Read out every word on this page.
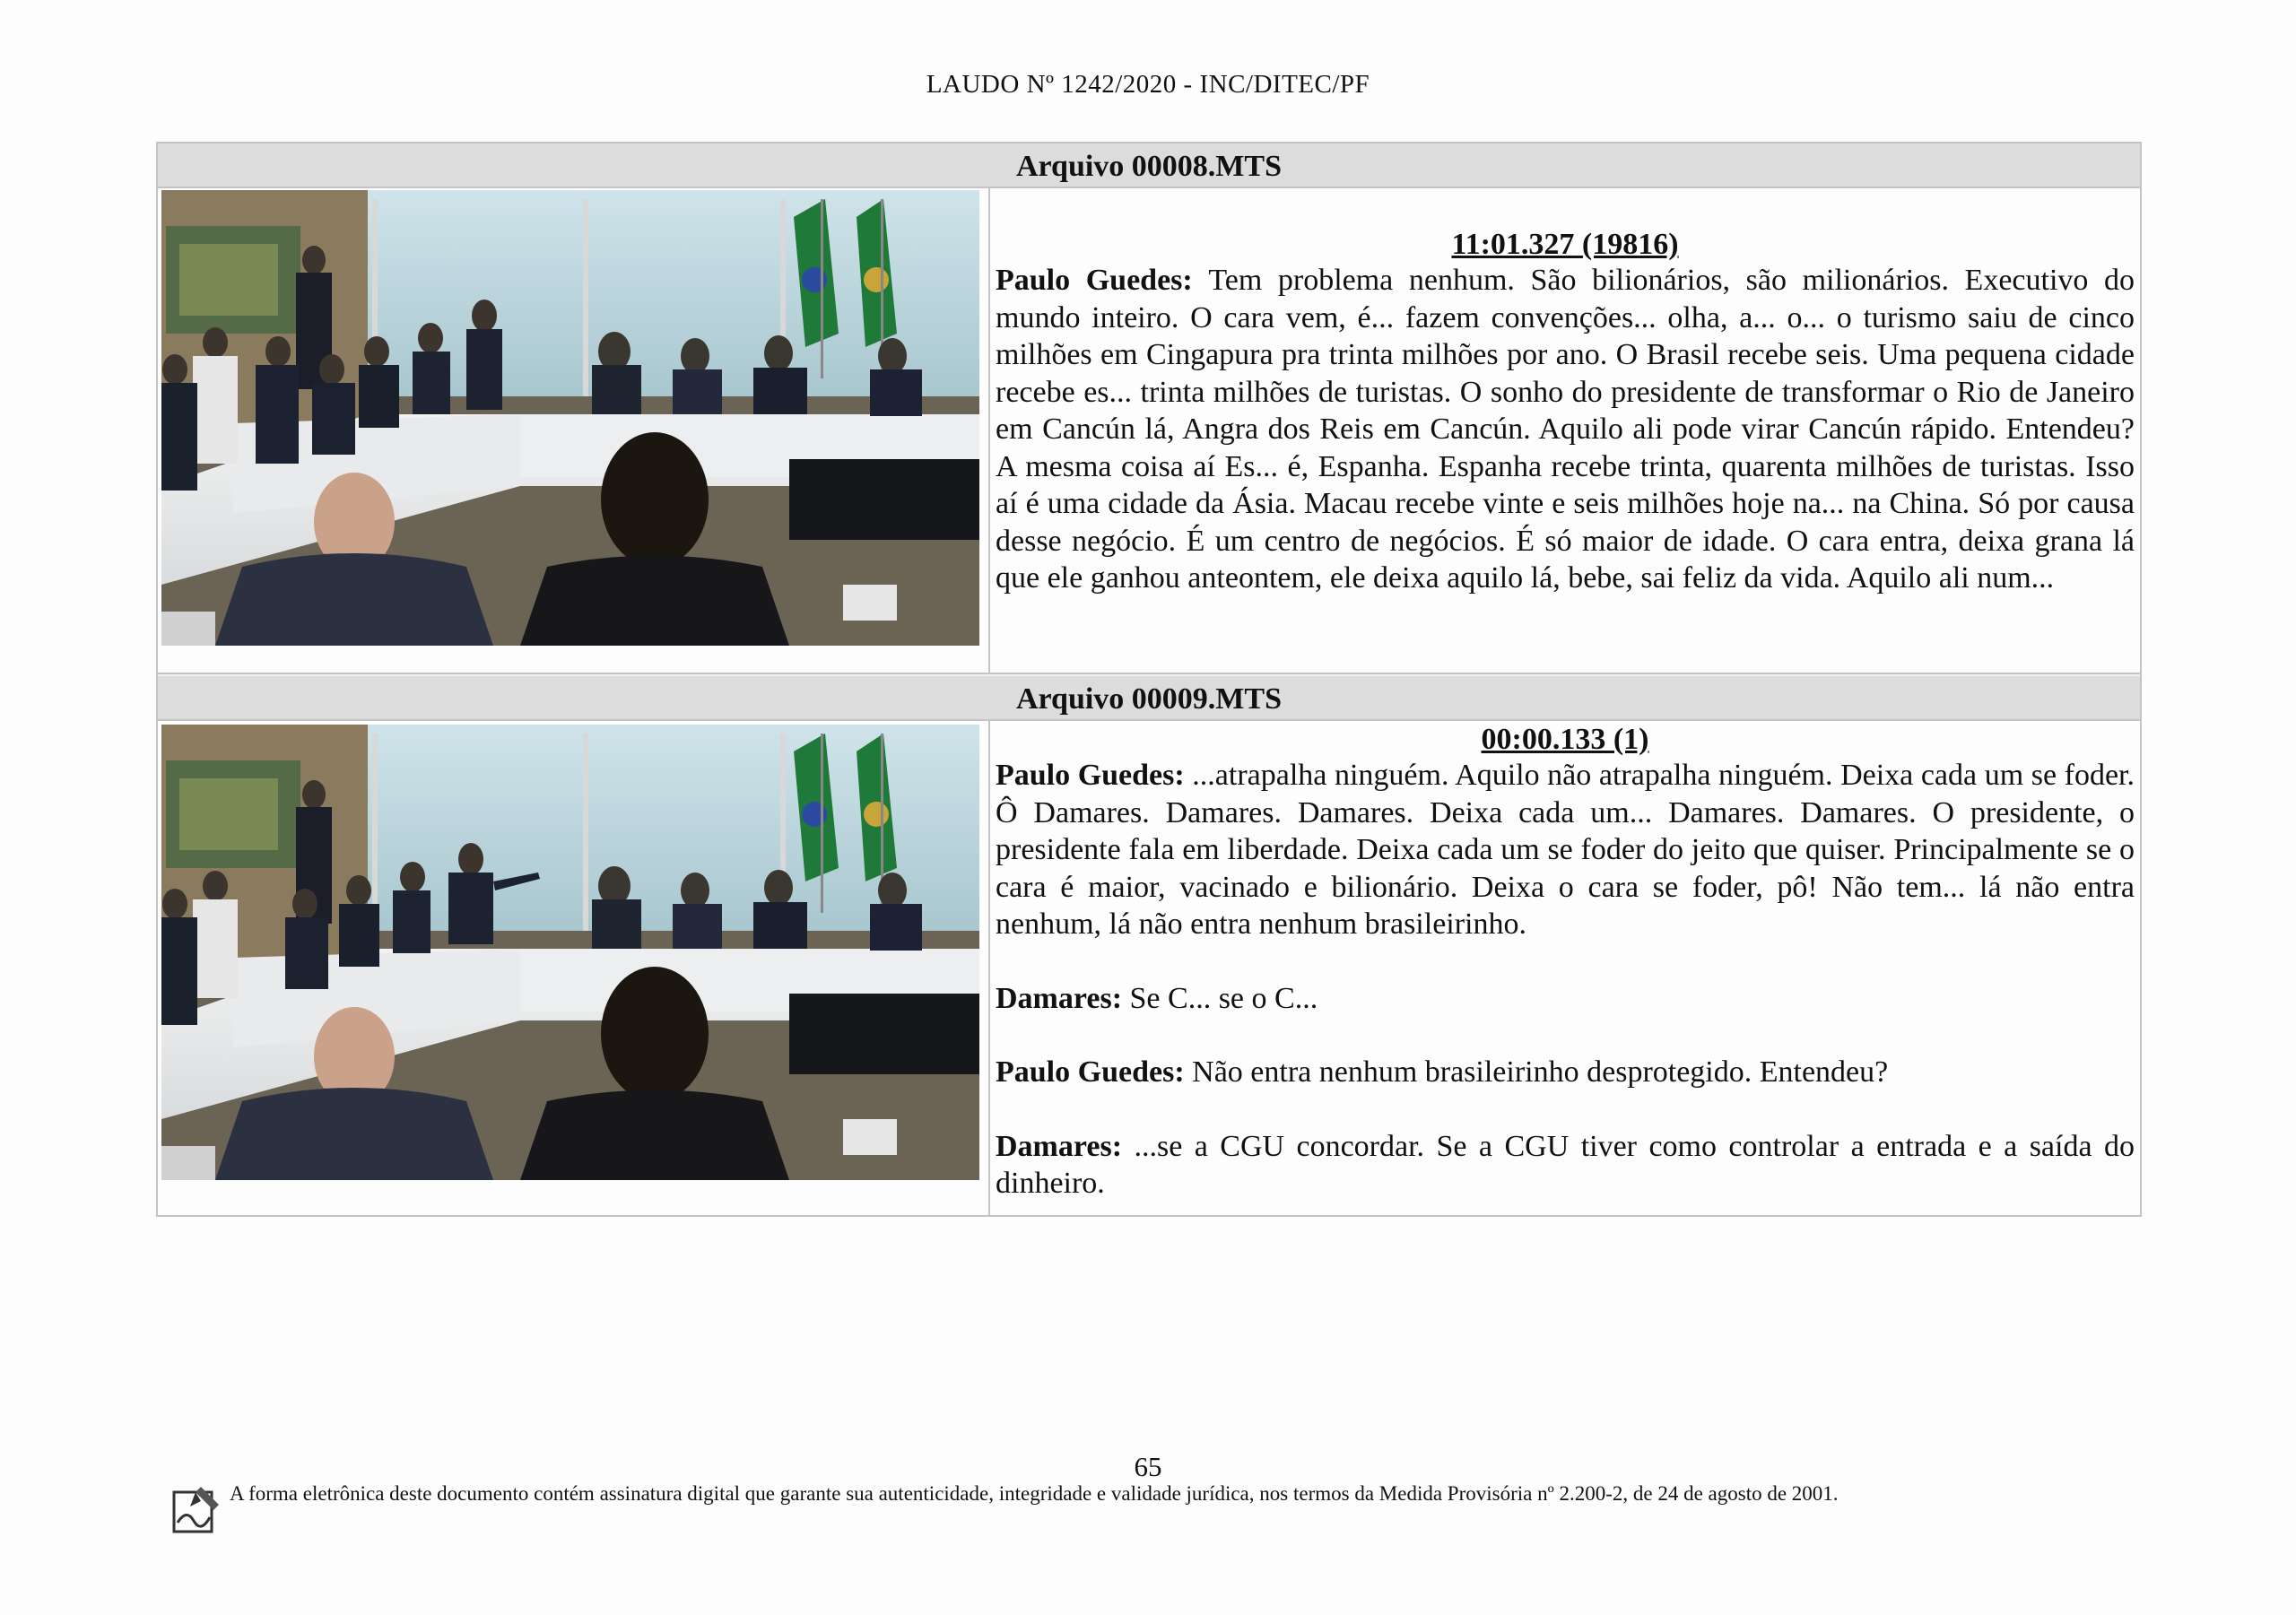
LAUDO Nº 1242/2020 - INC/DITEC/PF
Arquivo 00008.MTS

11:01.327 (19816)

Paulo Guedes: Tem problema nenhum. São bilionários, são milionários. Executivo do mundo inteiro. O cara vem, é... fazem convenções... olha, a... o... o turismo saiu de cinco milhões em Cingapura pra trinta milhões por ano. O Brasil recebe seis. Uma pequena cidade recebe es... trinta milhões de turistas. O sonho do presidente de transformar o Rio de Janeiro em Cancún lá, Angra dos Reis em Cancún. Aquilo ali pode virar Cancún rápido. Entendeu? A mesma coisa aí Es... é, Espanha. Espanha recebe trinta, quarenta milhões de turistas. Isso aí é uma cidade da Ásia. Macau recebe vinte e seis milhões hoje na... na China. Só por causa desse negócio. É um centro de negócios. É só maior de idade. O cara entra, deixa grana lá que ele ganhou anteontem, ele deixa aquilo lá, bebe, sai feliz da vida. Aquilo ali num...

Arquivo 00009.MTS

00:00.133 (1)

Paulo Guedes: ...atrapalha ninguém. Aquilo não atrapalha ninguém. Deixa cada um se foder. Ô Damares. Damares. Damares. Deixa cada um... Damares. Damares. O presidente, o presidente fala em liberdade. Deixa cada um se foder do jeito que quiser. Principalmente se o cara é maior, vacinado e bilionário. Deixa o cara se foder, pô! Não tem... lá não entra nenhum, lá não entra nenhum brasileirinho.

Damares: Se C... se o C...

Paulo Guedes: Não entra nenhum brasileirinho desprotegido. Entendeu?

Damares: ...se a CGU concordar. Se a CGU tiver como controlar a entrada e a saída do dinheiro.

65
A forma eletrônica deste documento contém assinatura digital que garante sua autenticidade, integridade e validade jurídica, nos termos da Medida Provisória nº 2.200-2, de 24 de agosto de 2001.
